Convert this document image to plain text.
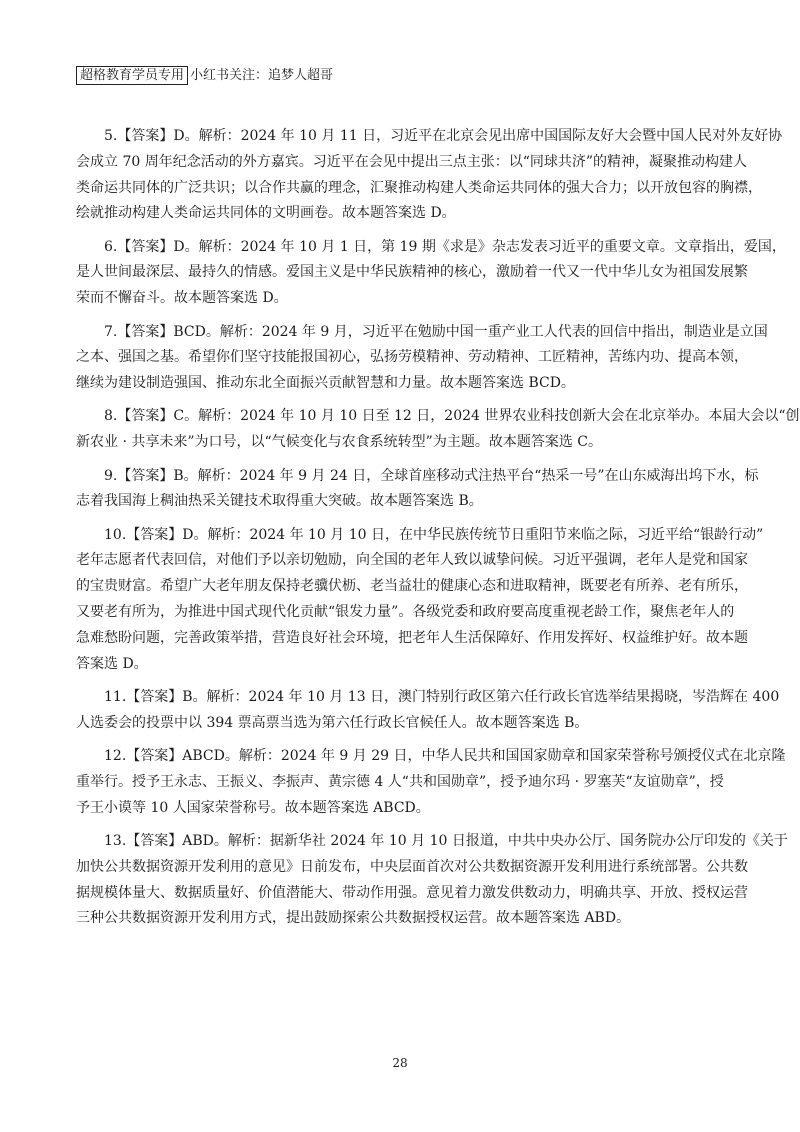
超格教育学员专用 小红书关注：追梦人超哥
5.【答案】D。解析：2024 年 10 月 11 日，习近平在北京会见出席中国国际友好大会暨中国人民对外友好协
会成立 70 周年纪念活动的外方嘉宾。习近平在会见中提出三点主张：以“同球共济”的精神，凝聚推动构建人
类命运共同体的广泛共识；以合作共赢的理念，汇聚推动构建人类命运共同体的强大合力；以开放包容的胸襟，
绘就推动构建人类命运共同体的文明画卷。故本题答案选 D。
6.【答案】D。解析：2024 年 10 月 1 日，第 19 期《求是》杂志发表习近平的重要文章。文章指出，爱国，
是人世间最深层、最持久的情感。爱国主义是中华民族精神的核心，激励着一代又一代中华儿女为祖国发展繁
荣而不懈奋斗。故本题答案选 D。
7.【答案】BCD。解析：2024 年 9 月，习近平在勉励中国一重产业工人代表的回信中指出，制造业是立国
之本、强国之基。希望你们坚守技能报国初心，弘扬劳模精神、劳动精神、工匠精神，苦练内功、提高本领，
继续为建设制造强国、推动东北全面振兴贡献智慧和力量。故本题答案选 BCD。
8.【答案】C。解析：2024 年 10 月 10 日至 12 日，2024 世界农业科技创新大会在北京举办。本届大会以“创
新农业 · 共享未来”为口号，以“气候变化与农食系统转型”为主题。故本题答案选 C。
9.【答案】B。解析：2024 年 9 月 24 日，全球首座移动式注热平台“热采一号”在山东威海出坞下水，标
志着我国海上稠油热采关键技术取得重大突破。故本题答案选 B。
10.【答案】D。解析：2024 年 10 月 10 日，在中华民族传统节日重阳节来临之际，习近平给“银龄行动”
老年志愿者代表回信，对他们予以亲切勉励，向全国的老年人致以诚挚问候。习近平强调，老年人是党和国家
的宝贵财富。希望广大老年朋友保持老骥伏枥、老当益壮的健康心态和进取精神，既要老有所养、老有所乐，
又要老有所为，为推进中国式现代化贡献“银发力量”。各级党委和政府要高度重视老龄工作，聚焦老年人的
急难愁盼问题，完善政策举措，营造良好社会环境，把老年人生活保障好、作用发挥好、权益维护好。故本题
答案选 D。
11.【答案】B。解析：2024 年 10 月 13 日，澳门特别行政区第六任行政长官选举结果揭晓，岑浩辉在 400
人选委会的投票中以 394 票高票当选为第六任行政长官候任人。故本题答案选 B。
12.【答案】ABCD。解析：2024 年 9 月 29 日，中华人民共和国国家勋章和国家荣誉称号颁授仪式在北京隆
重举行。授予王永志、王振义、李振声、黄宗德 4 人“共和国勋章”，授予迪尔玛 · 罗塞芙“友谊勋章”，授
予王小谟等 10 人国家荣誉称号。故本题答案选 ABCD。
13.【答案】ABD。解析：据新华社 2024 年 10 月 10 日报道，中共中央办公厅、国务院办公厅印发的《关于
加快公共数据资源开发利用的意见》日前发布，中央层面首次对公共数据资源开发利用进行系统部署。公共数
据规模体量大、数据质量好、价值潜能大、带动作用强。意见着力激发供数动力，明确共享、开放、授权运营
三种公共数据资源开发利用方式，提出鼓励探索公共数据授权运营。故本题答案选 ABD。
28
